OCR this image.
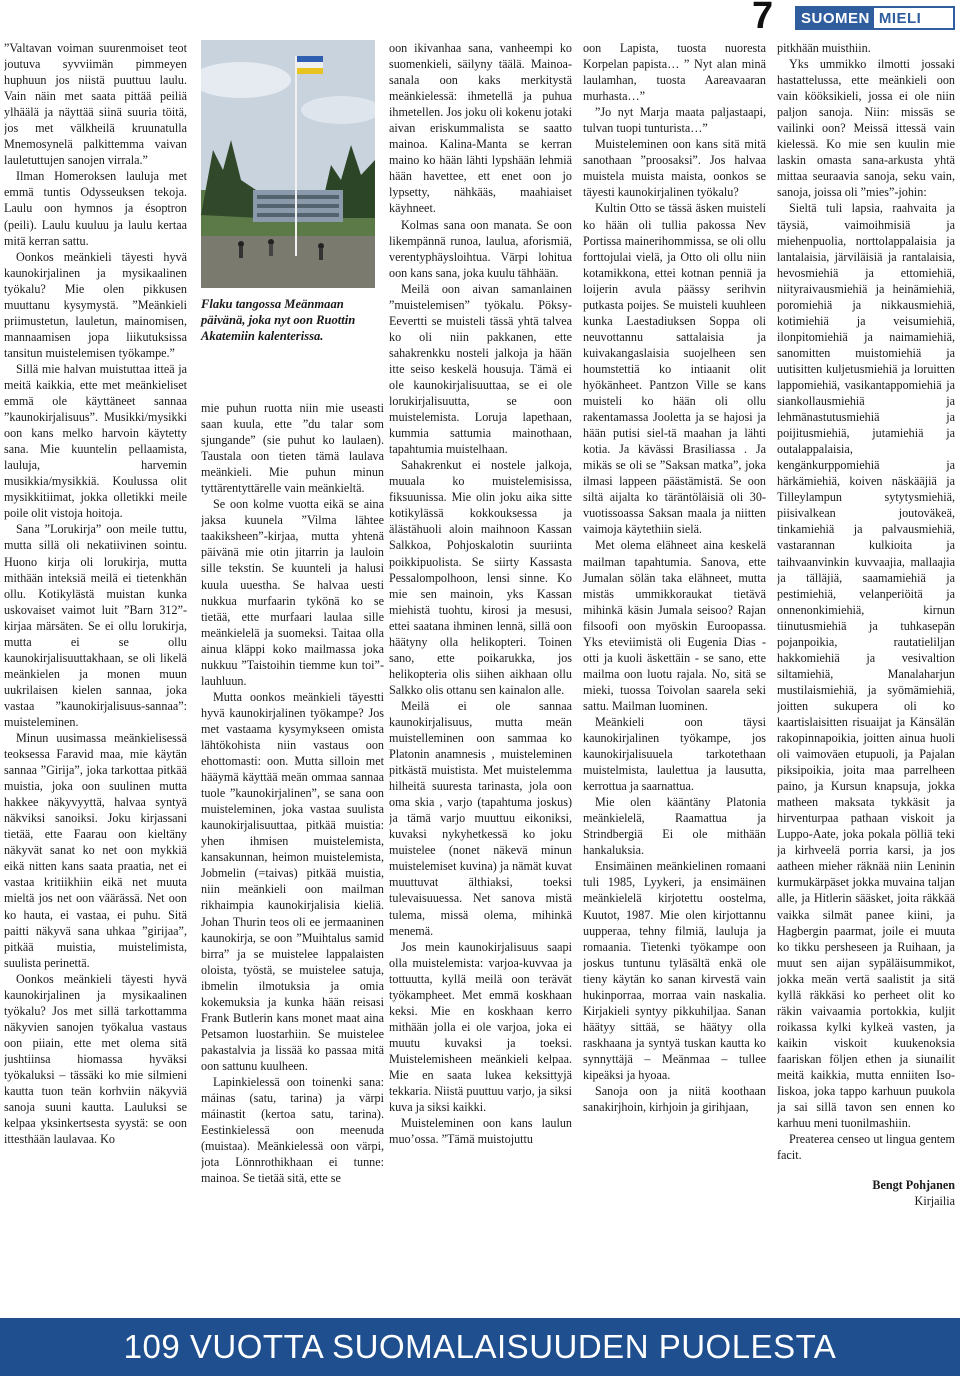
7 SUOMEN MIELI

”Valtavan voiman suurenmoiset teot joutuva syvviimän pimmeyen huphuun jos niistä puuttuu laulu. Vain näin met saata pittää peiliä ylhäälä ja näyttää siinä suuria töitä, jos met välkheilä kruunatulla Mnemosynelä palkittemma vaivan lauletuttujen sanojen virrala.”

Ilman Homeroksen lauluja met emmä tuntis Odysseuksen tekoja. Laulu oon hymnos ja ésoptron (peili). Laulu kuuluu ja laulu kertaa mitä kerran sattu.

Oonkos meänkieli täyesti hyvä kaunokirjalinen ja mysikaalinen työkalu? Mie olen pikkusen muuttanu kysymystä. ”Meänkieli priimustetun, lauletun, mainomisen, mannaamisen jopa liikutuksissa tansitun muistelemisen työkampe.”

Sillä mie halvan muistuttaa itteä ja meitä kaikkia, ette met meänkieliset emmä ole käyttäneet sannaa ”kaunokirjalisuus”. Musikki/mysikki oon kans melko harvoin käytetty sana. Mie kuuntelin pellaamista, lauluja, harvemin musikkia/mysikkiä. Koulussa olit mysikkitiimat, jokka olletikki meile poile olit vistoja hoitoja.

Sana ”Lorukirja” oon meile tuttu, mutta sillä oli nekatiivinen sointu. Huono kirja oli lorukirja, mutta mithään inteksiä meilä ei tietenkhän ollu. Kotikylästä muistan kunka uskovaiset vaimot luit ”Barn 312”-kirjaa märsäten. Se ei ollu lorukirja, mutta ei se ollu kaunokirjalisuuttakhaan, se oli likelä meänkielen ja monen muun uukrilaisen kielen sannaa, joka vastaa ”kaunokirjalisuus-sannaa”: muisteleminen.

Minun uusimassa meänkielisessä teoksessa Faravid maa, mie käytän sannaa ”Girija”, joka tarkottaa pitkää muistia, joka oon suulinen mutta hakkee näkyvyyttä, halvaa syntyä näkviksi sanoiksi. Joku kirjassani tietää, ette Faarau oon kieltäny näkyvät sanat ko net oon mykkiä eikä nitten kans saata praatia, net ei vastaa kritiikhiin eikä net muuta mieltä jos net oon väärässä. Net oon ko hauta, ei vastaa, ei puhu. Sitä paitti näkyvä sana uhkaa ”girijaa”, pitkää muistia, muistelimista, suulista perinettä.

Oonkos meänkieli täyesti hyvä kaunokirjalinen ja mysikaalinen työkalu? Jos met sillä tarkottamma näkyvien sanojen työkalua vastaus oon piiain, ette met olema sitä jushtiinsa hiomassa hyväksi työkaluksi – tässäki ko mie silmieni kautta tuon teän korhviin näkyviä sanoja suuni kautta. Lauluksi se kelpaa yksinkertsesta syystä: se oon ittesthään laulavaa. Ko

Flaku tangossa Meänmaan päivänä, joka nyt oon Ruottin Akatemiin kalenterissa.

mie puhun ruotta niin mie useasti saan kuula, ette ”du talar som sjungande” (sie puhut ko laulaen). Taustala oon tieten tämä laulava meänkieli. Mie puhun minun tyttärentyttärelle vain meänkieltä.

Se oon kolme vuotta eikä se aina jaksa kuunela ”Vilma lähtee taakiksheen”-kirjaa, mutta yhtenä päivänä mie otin jitarrin ja lauloin sille tekstin. Se kuunteli ja halusi kuula uuestha. Se halvaa uesti nukkua murfaarin tykönä ko se tietää, ette murfaari laulaa sille meänkielelä ja suomeksi. Taitaa olla ainua kläppi koko mailmassa joka nukkuu ”Taistoihin tiemme kun toi”-lauhluun.

Mutta oonkos meänkieli täyestti hyvä kaunokirjalinen työkampe? Jos met vastaama kysymykseen omista lähtökohista niin vastaus oon ehottomasti: oon. Mutta silloin met hääymä käyttää meän ommaa sannaa tuole ”kaunokirjalinen”, se sana oon muisteleminen, joka vastaa suulista kaunokirjalisuuttaa, pitkää muistia: yhen ihmisen muistelemista, kansakunnan, heimon muistelemista, Jobmelin (=taivas) pitkää muistia, niin meänkieli oon mailman rikhaimpia kaunokirjalisia kieliä. Johan Thurin teos oli ee jermaaninen kaunokirja, se oon ”Muihtalus samid birra” ja se muistelee lappalaisten oloista, työstä, se muistelee satuja, ibmelin ilmotuksia ja omia kokemuksia ja kunka hään reisasi Frank Butlerin kans monet maat aina Petsamon luostarhiin. Se muistelee pakastalvia ja lissää ko passaa mitä oon sattunu kuulheen.

Lapinkielessä oon toinenki sana: máinas (satu, tarina) ja värpi máinastit (kertoa satu, tarina). Eestinkielessä oon meenuda (muistaa). Meänkielessä oon värpi, jota Lönnrothikhaan ei tunne: mainoa. Se tietää sitä, ette se

oon ikivanhaa sana, vanheempi ko suomenkieli, säilyny täälä. Mainoa-sanala oon kaks merkitystä meänkielessä: ihmetellä ja puhua ihmetellen. Jos joku oli kokenu jotaki aivan eriskummalista se saatto mainoa. Kalina-Manta se kerran maino ko hään lähti lypshään lehmiä hään havettee, ett enet oon jo lypsetty, nähkääs, maahiaiset käyhneet.

Kolmas sana oon manata. Se oon likempännä runoa, laulua, aforismiä, verentyphäysloihtua. Värpi lohitua oon kans sana, joka kuulu tähhään.

Meilä oon aivan samanlainen ”muistelemisen” työkalu. Pöksy-Eevertti se muisteli tässä yhtä talvea ko oli niin pakkanen, ette sahakrenkku nosteli jalkoja ja hään itte seiso keskelä housuja. Tämä ei ole kaunokirjalisuuttaa, se ei ole lorukirjalisuutta, se oon muistelemista. Loruja lapethaan, kummia sattumia mainothaan, tapahtumia muistelhaan.

Sahakrenkut ei nostele jalkoja, muuala ko muistelemisissa, fiksuunissa. Mie olin joku aika sitte kotikylässä kokkouksessa ja älästähuoli aloin maihnoon Kassan Salkkoa, Pohjoskalotin suuriinta poikkipuolista. Se siirty Kassasta Pessalompolhoon, lensi sinne. Ko mie sen mainoin, yks Kassan miehistä tuohtu, kirosi ja mesusi, ettei saatana ihminen lennä, sillä oon häätyny olla helikopteri. Toinen sano, ette poikarukka, jos helikopteria olis siihen aikhaan ollu Salkko olis ottanu sen kainalon alle.

Meilä ei ole sannaa kaunokirjalisuus, mutta meän muistelleminen oon sammaa ko Platonin anamnesis , muisteleminen pitkästä muistista. Met muistelemma hilheitä suuresta tarinasta, jola oon oma skia , varjo (tapahtuma joskus) ja tämä varjo muuttuu eikoniksi, kuvaksi nykyhetkessä ko joku muistelee (nonet näkevä minun muistelemiset kuvina) ja nämät kuvat muuttuvat älthiaksi, toeksi tulevaisuuessa. Net sanova mistä tulema, missä olema, mihinkä menemä.

Jos mein kaunokirjalisuus saapi olla muistelemista: varjoa-kuvvaa ja tottuutta, kyllä meilä oon terävät työkampheet. Met emmä koskhaan keksi. Mie en koskhaan kerro mithään jolla ei ole varjoa, joka ei muutu kuvaksi ja toeksi. Muistelemisheen meänkieli kelpaa. Mie en saata lukea keksittyjä tekkaria. Niistä puuttuu varjo, ja siksi kuva ja siksi kaikki.

Muisteleminen oon kans laulun muo’ossa. ”Tämä muistojuttu

oon Lapista, tuosta nuoresta Korpelan papista… ” Nyt alan minä laulamhan, tuosta Aareavaaran murhasta…”

”Jo nyt Marja maata paljastaapi, tulvan tuopi tunturista…”

Muisteleminen oon kans sitä mitä sanothaan ”proosaksi”. Jos halvaa muistela muista maista, oonkos se täyesti kaunokirjalinen työkalu?

Kultin Otto se tässä äsken muisteli ko hään oli tullia pakossa Nev Portissa mainerihommissa, se oli ollu forttojulai vielä, ja Otto oli ollu niin kotamikkona, ettei kotnan penniä ja loijerin avula päässy serihvin putkasta poijes. Se muisteli kuuhleen kunka Laestadiuksen Soppa oli neuvottannu sattalaisia ja kuivakangaslaisia suojelheen sen houmstettiä ko intiaanit olit hyökänheet. Pantzon Ville se kans muisteli ko hään oli ollu rakentamassa Jooletta ja se hajosi ja hään putisi siel-tä maahan ja lähti kotia. Ja kävässi Brasiliassa . Ja mikäs se oli se ”Saksan matka”, joka ilmasi lappeen päästämistä. Se oon siltä aijalta ko täräntöläisiä oli 30-vuotissoassa Saksan maala ja niitten vaimoja käytethiin sielä.

Met olema elähneet aina keskelä mailman tapahtumia. Sanova, ette Jumalan sölän taka elähneet, mutta mistäs ummikkoraukat tietävä mihinkä käsin Jumala seisoo? Rajan filsoofi oon myöskin Euroopassa. Yks eteviimistä oli Eugenia Dias - otti ja kuoli äskettäin - se sano, ette mailma oon luotu rajala. No, sitä se mieki, tuossa Toivolan saarela seki sattu. Mailman luominen.

Meänkieli oon täysi kaunokirjalinen työkampe, jos kaunokirjalisuuela tarkotethaan muistelmista, laulettua ja lausutta, kerrottua ja saarnattua.

Mie olen kääntäny Platonia meänkielelä, Raamattua ja Strindbergiä Ei ole mithään hankaluksia.

Ensimäinen meänkielinen romaani tuli 1985, Lyykeri, ja ensimäinen meänkielelä kirjotettu oostelma, Kuutot, 1987. Mie olen kirjottannu uupperaa, tehny filmiä, lauluja ja romaania. Tietenki työkampe oon joskus tuntunu tyläsältä enkä ole tieny käytän ko sanan kirvestä vain hukinporraa, morraa vain naskalia. Kirjakieli syntyy pikkuhiljaa. Sanan häätyy sittää, se häätyy olla raskhaana ja syntyä tuskan kautta ko synnyttäjä – Meänmaa – tullee kipeäksi ja hyoaa.

Sanoja oon ja niitä koothaan sanakirjhoin, kirhjoin ja girihjaan,

pitkhään muisthiin.

Yks ummikko ilmotti jossaki hastattelussa, ette meänkieli oon vain kööksikieli, jossa ei ole niin paljon sanoja. Niin: missäs se vailinki oon? Meissä ittessä vain kielessä. Ko mie sen kuulin mie laskin omasta sana-arkusta yhtä mittaa seuraavia sanoja, seku vain, sanoja, joissa oli ”mies”-johin:

Sieltä tuli lapsia, raahvaita ja täysiä, vaimoihmisiä ja miehenpuolia, norttolappalaisia ja lantalaisia, järviläisiä ja rantalaisia, hevosmiehiä ja ettomiehiä, niityraivausmiehiä ja heinämiehiä, poromiehiä ja nikkausmiehiä, kotimiehiä ja veisumiehiä, ilonpitomiehiä ja naimamiehiä, sanomitten muistomiehiä ja uutisitten kuljetusmiehiä ja loruitten lappomiehiä, vasikantappomiehiä ja siankollausmiehiä ja lehmänastutusmiehiä ja poijitusmiehiä, jutamiehiä ja outalappalaisia, kengänkurppomiehiä ja härkämiehiä, koiven näskääjiä ja Tilleylampun sytytysmiehiä, piisivalkean joutoväkeä, tinkamiehiä ja palvausmiehiä, vastarannan kulkioita ja taihvaanvinkin kuvvaajia, mallaajia ja tälläjiä, saamamiehiä ja pestimiehiä, velanperiöitä ja onnenonkimiehiä, kirnun tiinutusmiehiä ja tuhkasepän pojanpoikia, rautatieliljan hakkomiehiä ja vesivaltion siltamiehiä, Manalaharjun mustilaismiehiä, ja syömämiehiä, joitten sukupera oli ko kaartislaisitten risuaijat ja Känsälän rakopinnapoikia, joitten ainua huoli oli vaimoväen etupuoli, ja Pajalan piksipoikia, joita maa parrelheen paino, ja Kursun knapsuja, jokka matheen maksata tykkäsit ja hirventurpaa pathaan viskoit ja Luppo-Aate, joka pokala pölliä teki ja kirhveelä porria karsi, ja jos aatheen mieher räknää niin Leninin kurmukärpäset jokka muvaina taljan alle, ja Hitlerin sääsket, joita räkkää vaikka silmät panee kiini, ja Hagbergin paarmat, joile ei muuta ko tikku persheseen ja Ruihaan, ja muut sen aijan sypäläisummikot, jokka meän vertä saalistit ja sitä kyllä räkkäsi ko perheet olit ko räkin vaivaamia portokkia, kuljit roikassa kylki kylkeä vasten, ja kaikin viskoit kuukenoksia faariskan följen ethen ja siunailit meitä kaikkia, mutta enniiten Iso-Iiskoa, joka tappo karhuun puukola ja sai sillä tavon sen ennen ko karhuu meni tuonilmashiin.

Preaterea censeo ut lingua gentem facit.

Bengt Pohjanen
Kirjailia
109 VUOTTA SUOMALAISUUDEN PUOLESTA
